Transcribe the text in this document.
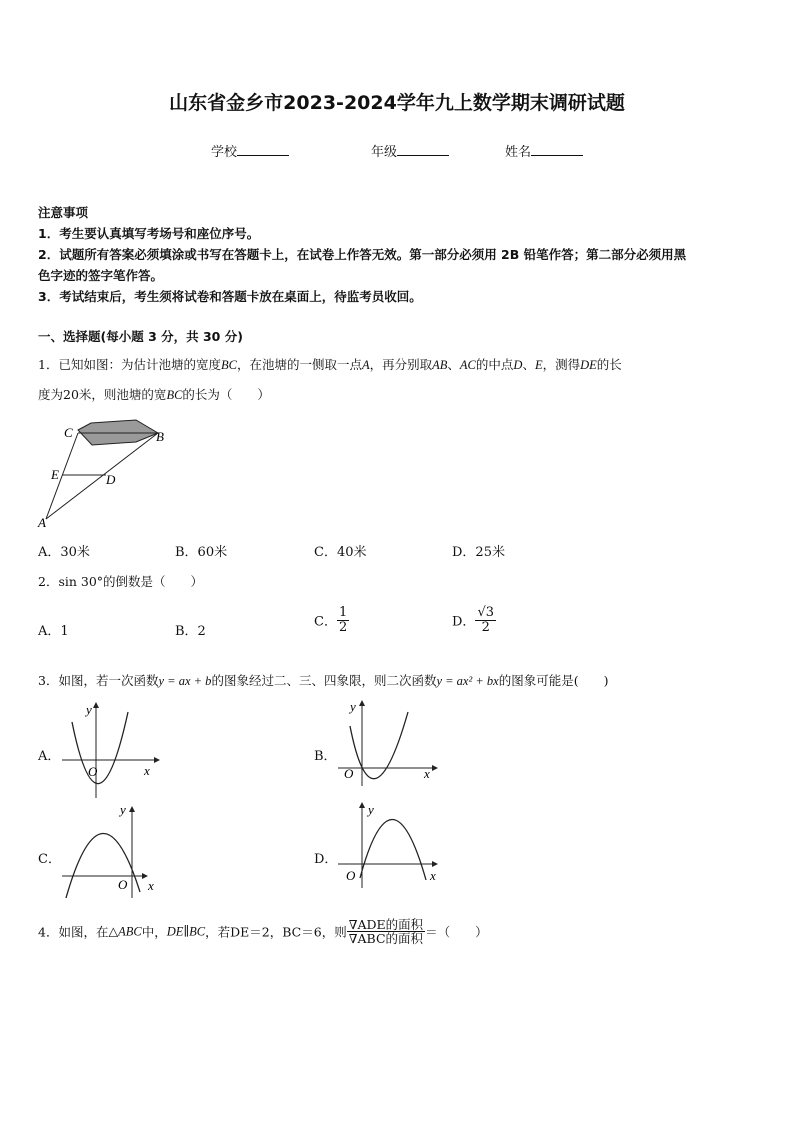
山东省金乡市2023-2024学年九上数学期末调研试题
学校	年级	姓名
注意事项
1．考生要认真填写考场号和座位序号。
2．试题所有答案必须填涂或书写在答题卡上，在试卷上作答无效。第一部分必须用 2B 铅笔作答；第二部分必须用黑
色字迹的签字笔作答。
3．考试结束后，考生须将试卷和答题卡放在桌面上，待监考员收回。
一、选择题(每小题 3 分，共 30 分)
1．已知如图：为估计池塘的宽度BC，在池塘的一侧取一点A，再分别取AB、AC的中点D、E，测得DE的长
度为20米，则池塘的宽BC的长为（　　）
C	B
E	D
A
A．30米	B．60米	C．40米	D．25米
2．sin 30°的倒数是（　　）
A．1	B．2
C． $\frac{1}{2}$	D． $\frac{√3}{2}$
3．如图，若一次函数y = ax + b的图象经过二、三、四象限，则二次函数y = ax² + bx的图象可能是(　　)
A．
y
O	x
B．
y
O	x
C．
y
O x
D．
y
O	x
4．如图，在△ABC中，DE∥BC，若DE＝2，BC＝6，则 $\frac{\text{∇ADE的面积}}{\text{∇ABC的面积}}$ ＝（　　）
